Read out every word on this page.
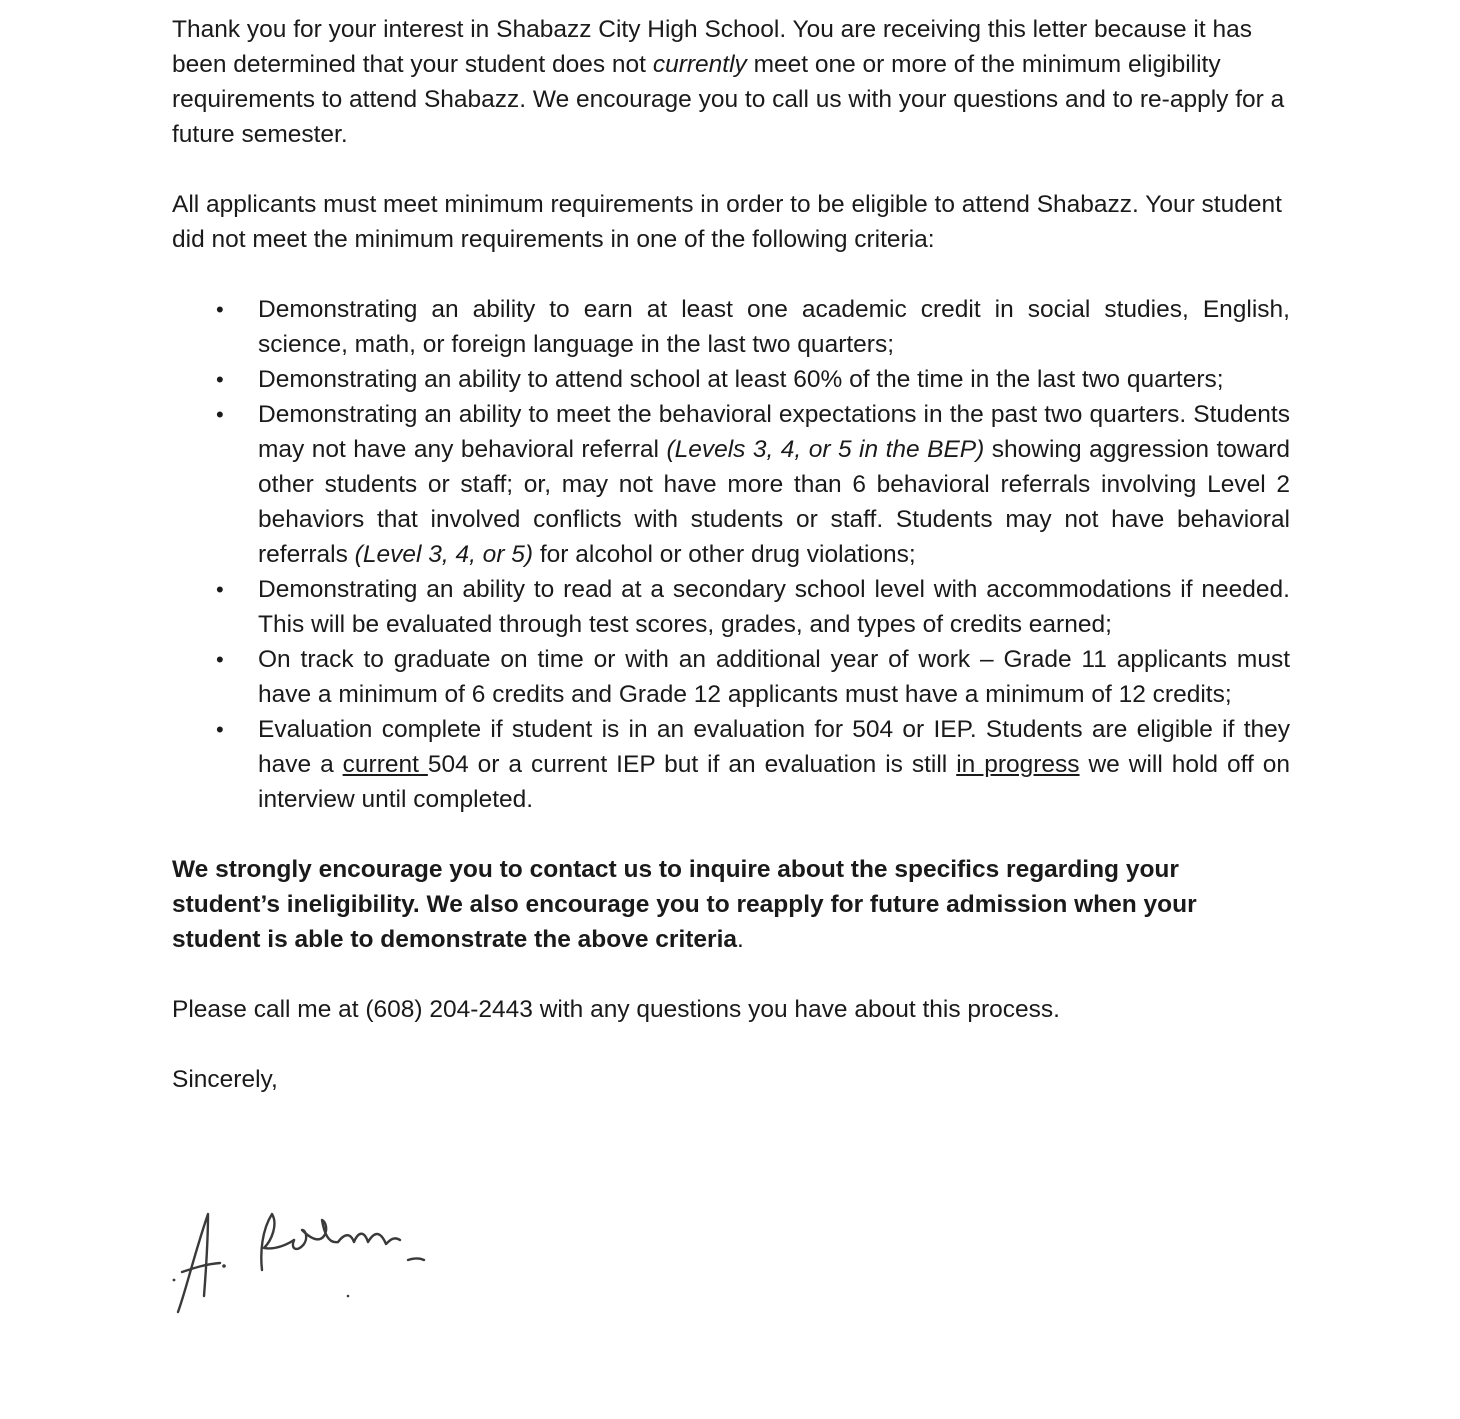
Thank you for your interest in Shabazz City High School. You are receiving this letter because it has been determined that your student does not currently meet one or more of the minimum eligibility requirements to attend Shabazz. We encourage you to call us with your questions and to re-apply for a future semester.

All applicants must meet minimum requirements in order to be eligible to attend Shabazz. Your student did not meet the minimum requirements in one of the following criteria:

• Demonstrating an ability to earn at least one academic credit in social studies, English, science, math, or foreign language in the last two quarters;
• Demonstrating an ability to attend school at least 60% of the time in the last two quarters;
• Demonstrating an ability to meet the behavioral expectations in the past two quarters. Students may not have any behavioral referral (Levels 3, 4, or 5 in the BEP) showing aggression toward other students or staff; or, may not have more than 6 behavioral referrals involving Level 2 behaviors that involved conflicts with students or staff. Students may not have behavioral referrals (Level 3, 4, or 5) for alcohol or other drug violations;
• Demonstrating an ability to read at a secondary school level with accommodations if needed. This will be evaluated through test scores, grades, and types of credits earned;
• On track to graduate on time or with an additional year of work – Grade 11 applicants must have a minimum of 6 credits and Grade 12 applicants must have a minimum of 12 credits;
• Evaluation complete if student is in an evaluation for 504 or IEP. Students are eligible if they have a current 504 or a current IEP but if an evaluation is still in progress we will hold off on interview until completed.

We strongly encourage you to contact us to inquire about the specifics regarding your student’s ineligibility. We also encourage you to reapply for future admission when your student is able to demonstrate the above criteria.

Please call me at (608) 204-2443 with any questions you have about this process.

Sincerely,
